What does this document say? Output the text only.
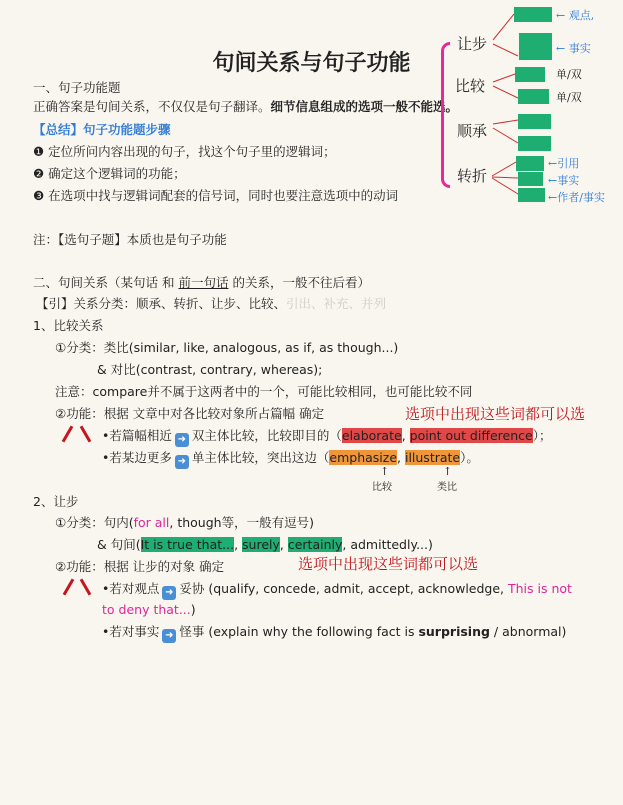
句间关系与句子功能
一、句子功能题
正确答案是句间关系，不仅仅是句子翻译。细节信息组成的选项一般不能选。
【总结】句子功能题步骤
❶ 定位所问内容出现的句子，找这个句子里的逻辑词；
❷ 确定这个逻辑词的功能；
❸ 在选项中找与逻辑词配套的信号词，同时也要注意选项中的动词
注：【选句子题】本质也是句子功能
二、句间关系（某句话 和 前一句话 的关系，一般不往后看）
【引】关系分类：顺承、转折、让步、比较、引出、补充、并列
1、比较关系
①分类：类比(similar, like, analogous, as if, as though...)
& 对比(contrast, contrary, whereas);
注意：compare并不属于这两者中的一个，可能比较相同，也可能比较不同
②功能：根据 文章中对各比较对象所占篇幅 确定
•若篇幅相近 ➜ 双主体比较，比较即目的（elaborate, point out difference）；
•若某边更多 ➜ 单主体比较，突出这边（emphasize, illustrate）。
选项中出现这些词都可以选
↑	↑
比较	类比
2、让步
①分类：句内(for all, though等，一般有逗号)
& 句间(It is true that..., surely, certainly, admittedly...)
②功能：根据 让步的对象 确定	选项中出现这些词都可以选
•若对观点 ➜ 妥协 (qualify, concede, admit, accept, acknowledge, This is not
to deny that...)
•若对事实 ➜ 怪事 (explain why the following fact is surprising / abnormal)
让步
比较
顺承
转折
← 观点,
← 事实
单/双
单/双
←引用
←事实
←作者/事实
